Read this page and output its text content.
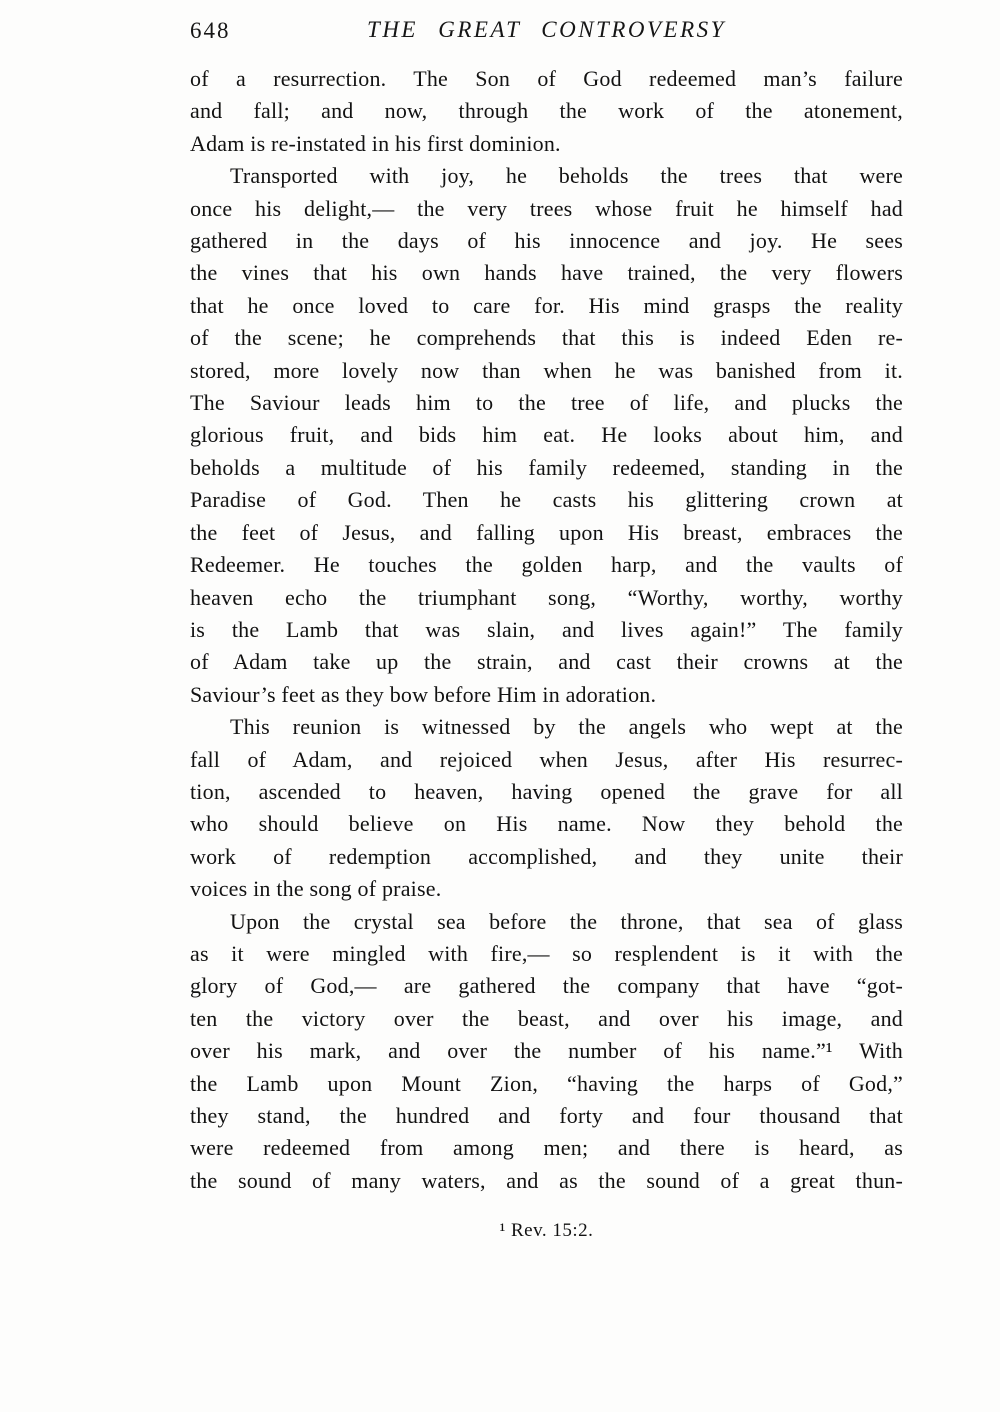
648	THE GREAT CONTROVERSY
of a resurrection. The Son of God redeemed man’s failure
and fall; and now, through the work of the atonement,
Adam is re-instated in his first dominion.
Transported with joy, he beholds the trees that were
once his delight,— the very trees whose fruit he himself had
gathered in the days of his innocence and joy. He sees
the vines that his own hands have trained, the very flowers
that he once loved to care for. His mind grasps the reality
of the scene; he comprehends that this is indeed Eden re-
stored, more lovely now than when he was banished from it.
The Saviour leads him to the tree of life, and plucks the
glorious fruit, and bids him eat. He looks about him, and
beholds a multitude of his family redeemed, standing in the
Paradise of God. Then he casts his glittering crown at
the feet of Jesus, and falling upon His breast, embraces the
Redeemer. He touches the golden harp, and the vaults of
heaven echo the triumphant song, “Worthy, worthy, worthy
is the Lamb that was slain, and lives again!” The family
of Adam take up the strain, and cast their crowns at the
Saviour’s feet as they bow before Him in adoration.
This reunion is witnessed by the angels who wept at the
fall of Adam, and rejoiced when Jesus, after His resurrec-
tion, ascended to heaven, having opened the grave for all
who should believe on His name. Now they behold the
work of redemption accomplished, and they unite their
voices in the song of praise.
Upon the crystal sea before the throne, that sea of glass
as it were mingled with fire,— so resplendent is it with the
glory of God,— are gathered the company that have “got-
ten the victory over the beast, and over his image, and
over his mark, and over the number of his name.”¹ With
the Lamb upon Mount Zion, “having the harps of God,”
they stand, the hundred and forty and four thousand that
were redeemed from among men; and there is heard, as
the sound of many waters, and as the sound of a great thun-
¹ Rev. 15:2.
